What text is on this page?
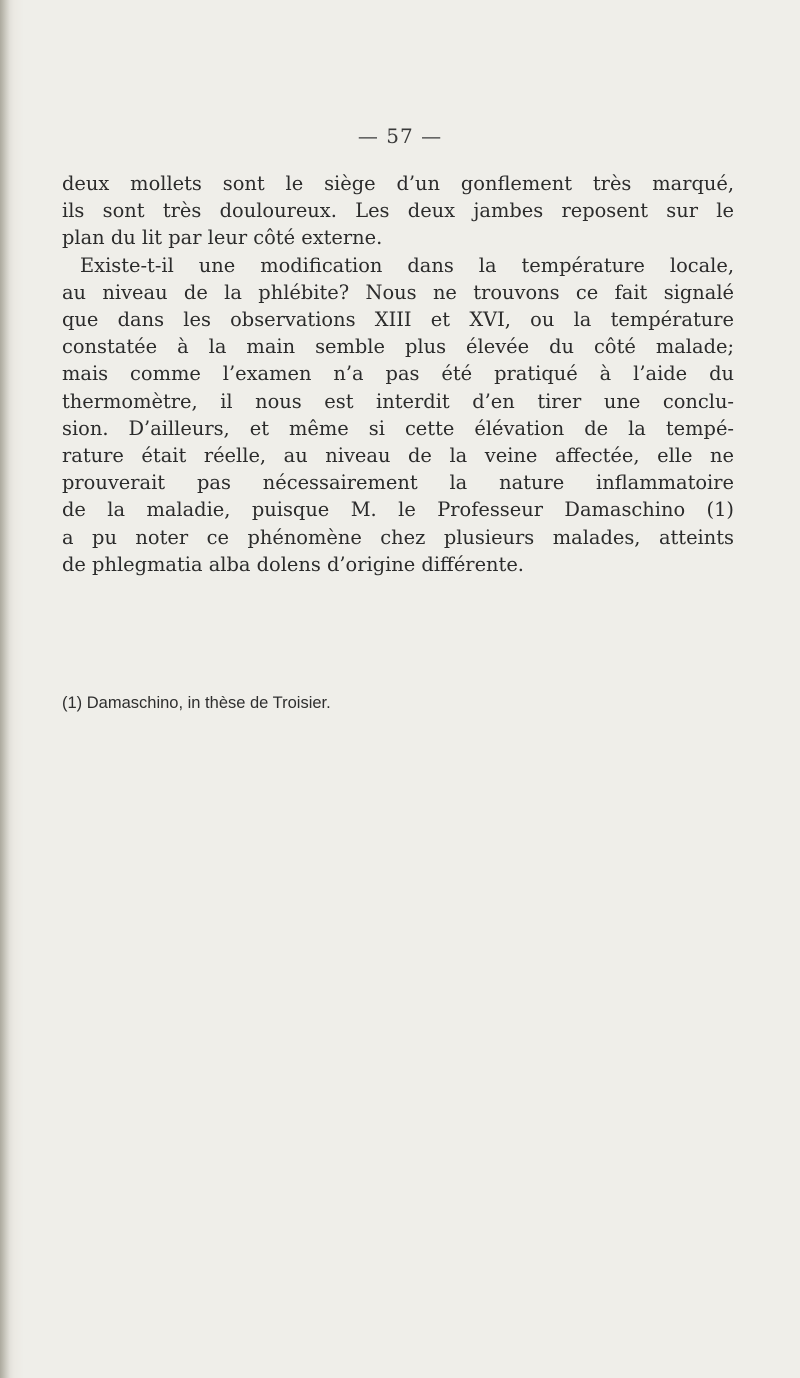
— 57 —
deux mollets sont le siège d’un gonflement très marqué,
ils sont très douloureux. Les deux jambes reposent sur le
plan du lit par leur côté externe.
Existe-t-il une modification dans la température locale,
au niveau de la phlébite? Nous ne trouvons ce fait signalé
que dans les observations XIII et XVI, ou la température
constatée à la main semble plus élevée du côté malade;
mais comme l’examen n’a pas été pratiqué à l’aide du
thermomètre, il nous est interdit d’en tirer une conclu-
sion. D’ailleurs, et même si cette élévation de la tempé-
rature était réelle, au niveau de la veine affectée, elle ne
prouverait pas nécessairement la nature inflammatoire
de la maladie, puisque M. le Professeur Damaschino (1)
a pu noter ce phénomène chez plusieurs malades, atteints
de phlegmatia alba dolens d’origine différente.
(1) Damaschino, in thèse de Troisier.
